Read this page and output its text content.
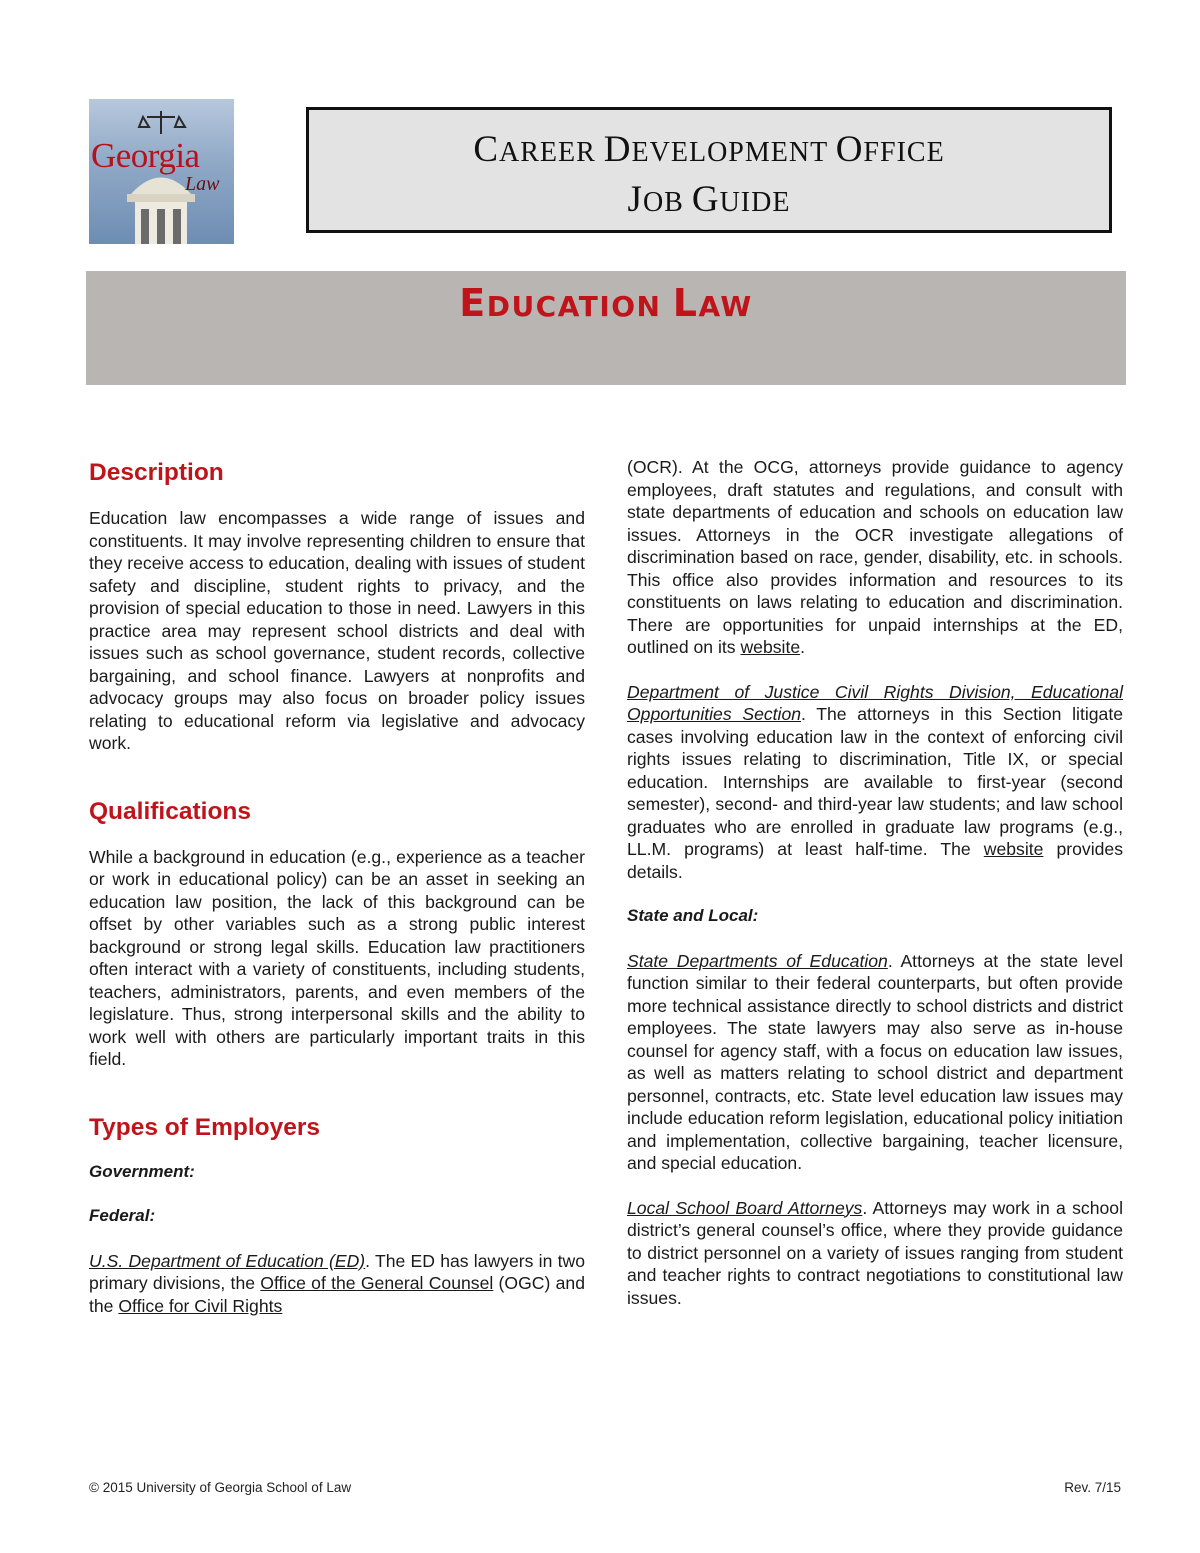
Georgia
Law
CAREER DEVELOPMENT OFFICE
JOB GUIDE
EDUCATION LAW
Description

Education law encompasses a wide range of issues and constituents. It may involve representing children to ensure that they receive access to education, dealing with issues of student safety and discipline, student rights to privacy, and the provision of special education to those in need. Lawyers in this practice area may represent school districts and deal with issues such as school governance, student records, collective bargaining, and school finance. Lawyers at nonprofits and advocacy groups may also focus on broader policy issues relating to educational reform via legislative and advocacy work.

Qualifications

While a background in education (e.g., experience as a teacher or work in educational policy) can be an asset in seeking an education law position, the lack of this background can be offset by other variables such as a strong public interest background or strong legal skills. Education law practitioners often interact with a variety of constituents, including students, teachers, administrators, parents, and even members of the legislature. Thus, strong interpersonal skills and the ability to work well with others are particularly important traits in this field.

Types of Employers

Government:

Federal:

U.S. Department of Education (ED). The ED has lawyers in two primary divisions, the Office of the General Counsel (OGC) and the Office for Civil Rights

(OCR). At the OCG, attorneys provide guidance to agency employees, draft statutes and regulations, and consult with state departments of education and schools on education law issues. Attorneys in the OCR investigate allegations of discrimination based on race, gender, disability, etc. in schools. This office also provides information and resources to its constituents on laws relating to education and discrimination. There are opportunities for unpaid internships at the ED, outlined on its website.

Department of Justice Civil Rights Division, Educational Opportunities Section. The attorneys in this Section litigate cases involving education law in the context of enforcing civil rights issues relating to discrimination, Title IX, or special education. Internships are available to first-year (second semester), second- and third-year law students; and law school graduates who are enrolled in graduate law programs (e.g., LL.M. programs) at least half-time. The website provides details.

State and Local:

State Departments of Education. Attorneys at the state level function similar to their federal counterparts, but often provide more technical assistance directly to school districts and district employees. The state lawyers may also serve as in-house counsel for agency staff, with a focus on education law issues, as well as matters relating to school district and department personnel, contracts, etc. State level education law issues may include education reform legislation, educational policy initiation and implementation, collective bargaining, teacher licensure, and special education.

Local School Board Attorneys. Attorneys may work in a school district’s general counsel’s office, where they provide guidance to district personnel on a variety of issues ranging from student and teacher rights to contract negotiations to constitutional law issues.

© 2015 University of Georgia School of Law	Rev. 7/15
